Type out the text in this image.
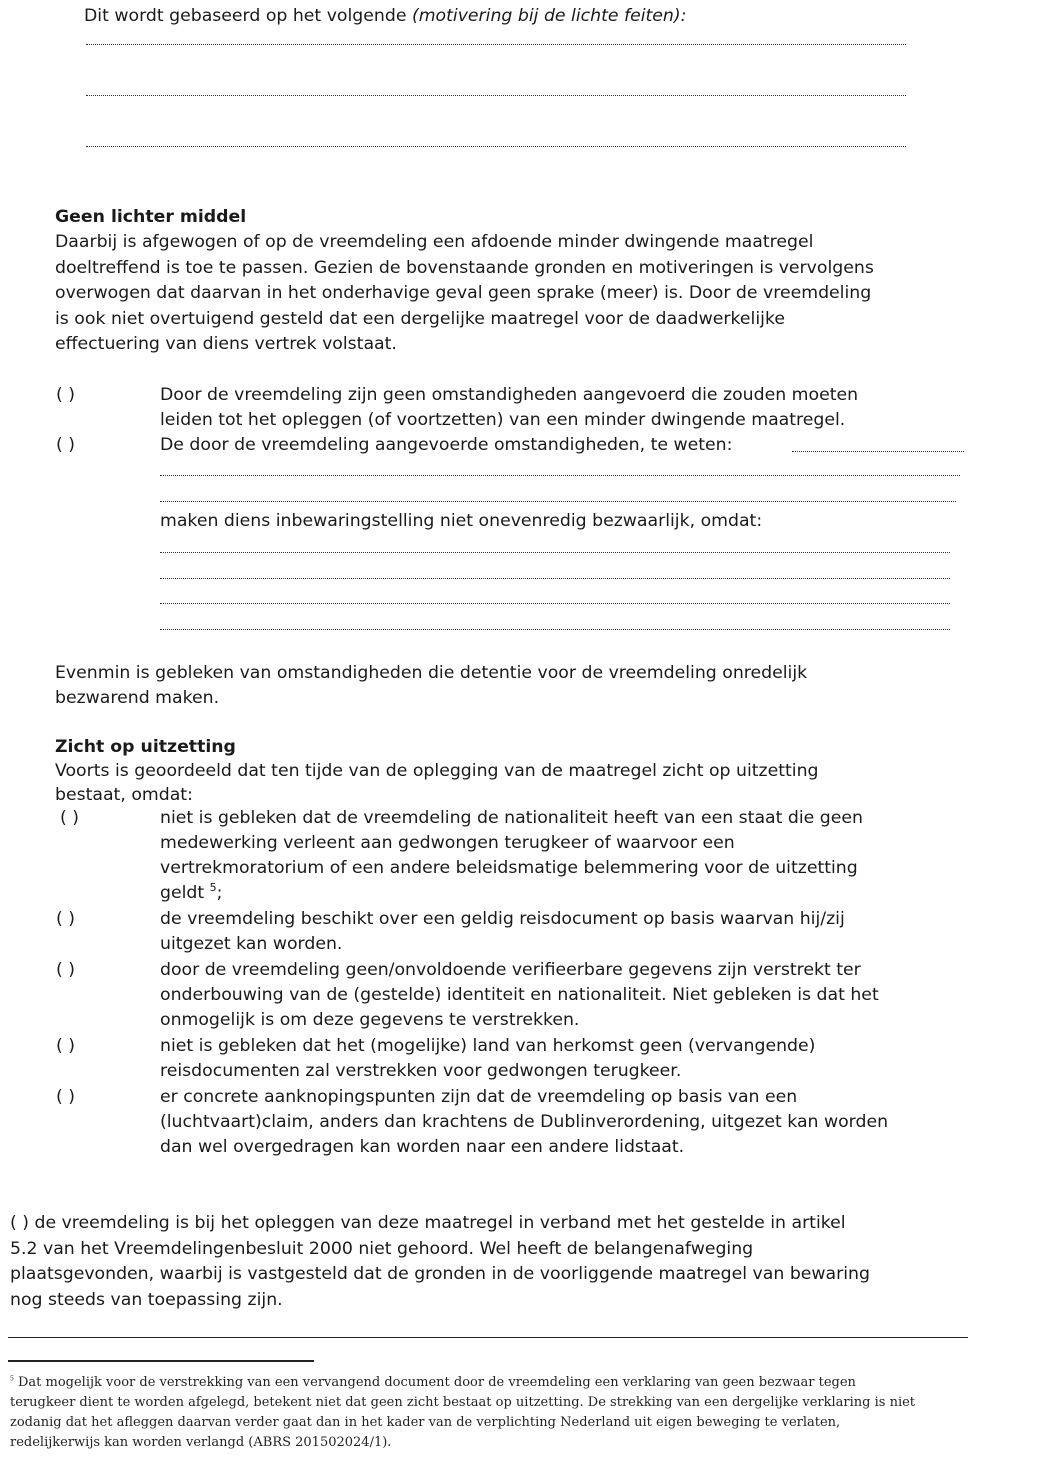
Dit wordt gebaseerd op het volgende (motivering bij de lichte feiten):
Geen lichter middel
Daarbij is afgewogen of op de vreemdeling een afdoende minder dwingende maatregel
doeltreffend is toe te passen. Gezien de bovenstaande gronden en motiveringen is vervolgens
overwogen dat daarvan in het onderhavige geval geen sprake (meer) is. Door de vreemdeling
is ook niet overtuigend gesteld dat een dergelijke maatregel voor de daadwerkelijke
effectuering van diens vertrek volstaat.
( )	Door de vreemdeling zijn geen omstandigheden aangevoerd die zouden moeten
leiden tot het opleggen (of voortzetten) van een minder dwingende maatregel.
( )	De door de vreemdeling aangevoerde omstandigheden, te weten:
maken diens inbewaringstelling niet onevenredig bezwaarlijk, omdat:
Evenmin is gebleken van omstandigheden die detentie voor de vreemdeling onredelijk
bezwarend maken.
Zicht op uitzetting
Voorts is geoordeeld dat ten tijde van de oplegging van de maatregel zicht op uitzetting
bestaat, omdat:
( )	niet is gebleken dat de vreemdeling de nationaliteit heeft van een staat die geen
medewerking verleent aan gedwongen terugkeer of waarvoor een
vertrekmoratorium of een andere beleidsmatige belemmering voor de uitzetting
geldt $^5$;
( )	de vreemdeling beschikt over een geldig reisdocument op basis waarvan hij/zij
uitgezet kan worden.
( )	door de vreemdeling geen/onvoldoende verifieerbare gegevens zijn verstrekt ter
onderbouwing van de (gestelde) identiteit en nationaliteit. Niet gebleken is dat het
onmogelijk is om deze gegevens te verstrekken.
( )	niet is gebleken dat het (mogelijke) land van herkomst geen (vervangende)
reisdocumenten zal verstrekken voor gedwongen terugkeer.
( )	er concrete aanknopingspunten zijn dat de vreemdeling op basis van een
(luchtvaart)claim, anders dan krachtens de Dublinverordening, uitgezet kan worden
dan wel overgedragen kan worden naar een andere lidstaat.
( ) de vreemdeling is bij het opleggen van deze maatregel in verband met het gestelde in artikel
5.2 van het Vreemdelingenbesluit 2000 niet gehoord. Wel heeft de belangenafweging
plaatsgevonden, waarbij is vastgesteld dat de gronden in de voorliggende maatregel van bewaring
nog steeds van toepassing zijn.
$^5$ Dat mogelijk voor de verstrekking van een vervangend document door de vreemdeling een verklaring van geen bezwaar tegen
terugkeer dient te worden afgelegd, betekent niet dat geen zicht bestaat op uitzetting. De strekking van een dergelijke verklaring is niet
zodanig dat het afleggen daarvan verder gaat dan in het kader van de verplichting Nederland uit eigen beweging te verlaten,
redelijkerwijs kan worden verlangd (ABRS 201502024/1).
